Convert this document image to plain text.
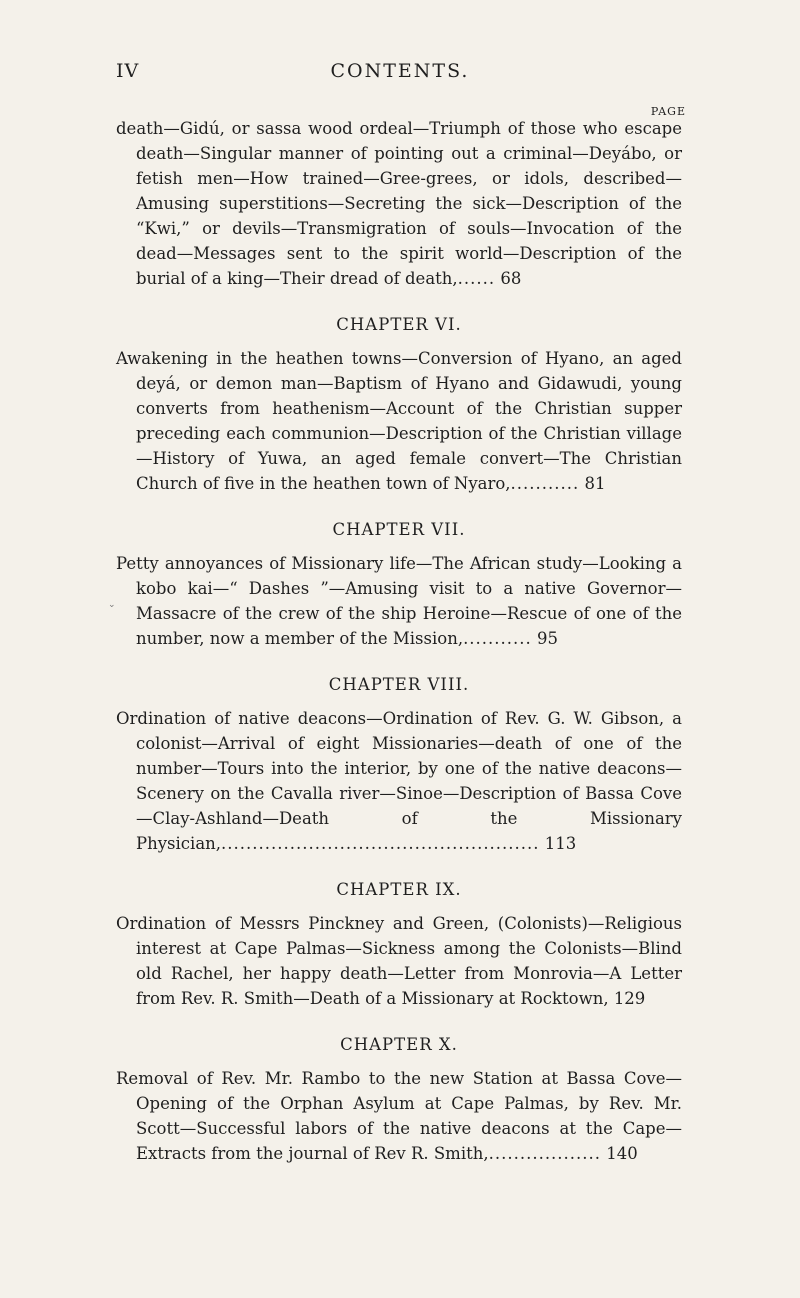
IV	CONTENTS.
PAGE

death—Gidú, or sassa wood ordeal—Triumph of those who escape death—Singular manner of pointing out a criminal—Deyábo, or fetish men—How trained—Gree-grees, or idols, described—Amusing superstitions—Secreting the sick—Description of the “Kwi,” or devils—Transmigration of souls—Invocation of the dead—Messages sent to the spirit world—Description of the burial of a king—Their dread of death,...... 68

CHAPTER VI.

Awakening in the heathen towns—Conversion of Hyano, an aged deyá, or demon man—Baptism of Hyano and Gidawudi, young converts from heathenism—Account of the Christian supper preceding each communion—Description of the Christian village—History of Yuwa, an aged female convert—The Christian Church of five in the heathen town of Nyaro,........... 81

CHAPTER VII.

Petty annoyances of Missionary life—The African study—Looking a kobo kai—“ Dashes ”—Amusing visit to a native Governor—Massacre of the crew of the ship Heroine—Rescue of one of the number, now a member of the Mission,........... 95

CHAPTER VIII.

Ordination of native deacons—Ordination of Rev. G. W. Gibson, a colonist—Arrival of eight Missionaries—death of one of the number—Tours into the interior, by one of the native deacons—Scenery on the Cavalla river—Sinoe—Description of Bassa Cove—Clay-Ashland—Death of the Missionary Physician,................................................... 113

CHAPTER IX.

Ordination of Messrs Pinckney and Green, (Colonists)—Religious interest at Cape Palmas—Sickness among the Colonists—Blind old Rachel, her happy death—Letter from Monrovia—A Letter from Rev. R. Smith—Death of a Missionary at Rocktown, 129

CHAPTER X.

Removal of Rev. Mr. Rambo to the new Station at Bassa Cove—Opening of the Orphan Asylum at Cape Palmas, by Rev. Mr. Scott—Successful labors of the native deacons at the Cape—Extracts from the journal of Rev R. Smith,.................. 140

⌄
